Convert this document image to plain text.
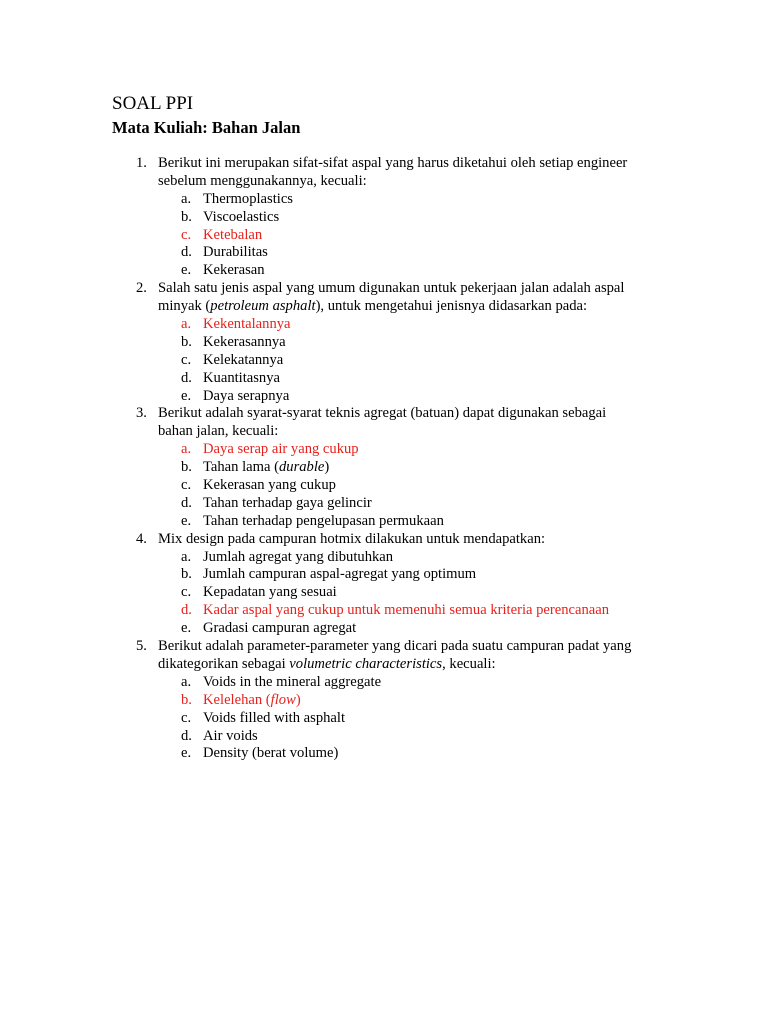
SOAL PPI
Mata Kuliah: Bahan Jalan
1. Berikut ini merupakan sifat-sifat aspal yang harus diketahui oleh setiap engineer
sebelum menggunakannya, kecuali:
a. Thermoplastics
b. Viscoelastics
c. Ketebalan
d. Durabilitas
e. Kekerasan
2. Salah satu jenis aspal yang umum digunakan untuk pekerjaan jalan adalah aspal
minyak (petroleum asphalt), untuk mengetahui jenisnya didasarkan pada:
a. Kekentalannya
b. Kekerasannya
c. Kelekatannya
d. Kuantitasnya
e. Daya serapnya
3. Berikut adalah syarat-syarat teknis agregat (batuan) dapat digunakan sebagai
bahan jalan, kecuali:
a. Daya serap air yang cukup
b. Tahan lama (durable)
c. Kekerasan yang cukup
d. Tahan terhadap gaya gelincir
e. Tahan terhadap pengelupasan permukaan
4. Mix design pada campuran hotmix dilakukan untuk mendapatkan:
a. Jumlah agregat yang dibutuhkan
b. Jumlah campuran aspal-agregat yang optimum
c. Kepadatan yang sesuai
d. Kadar aspal yang cukup untuk memenuhi semua kriteria perencanaan
e. Gradasi campuran agregat
5. Berikut adalah parameter-parameter yang dicari pada suatu campuran padat yang
dikategorikan sebagai volumetric characteristics, kecuali:
a. Voids in the mineral aggregate
b. Kelelehan (flow)
c. Voids filled with asphalt
d. Air voids
e. Density (berat volume)
